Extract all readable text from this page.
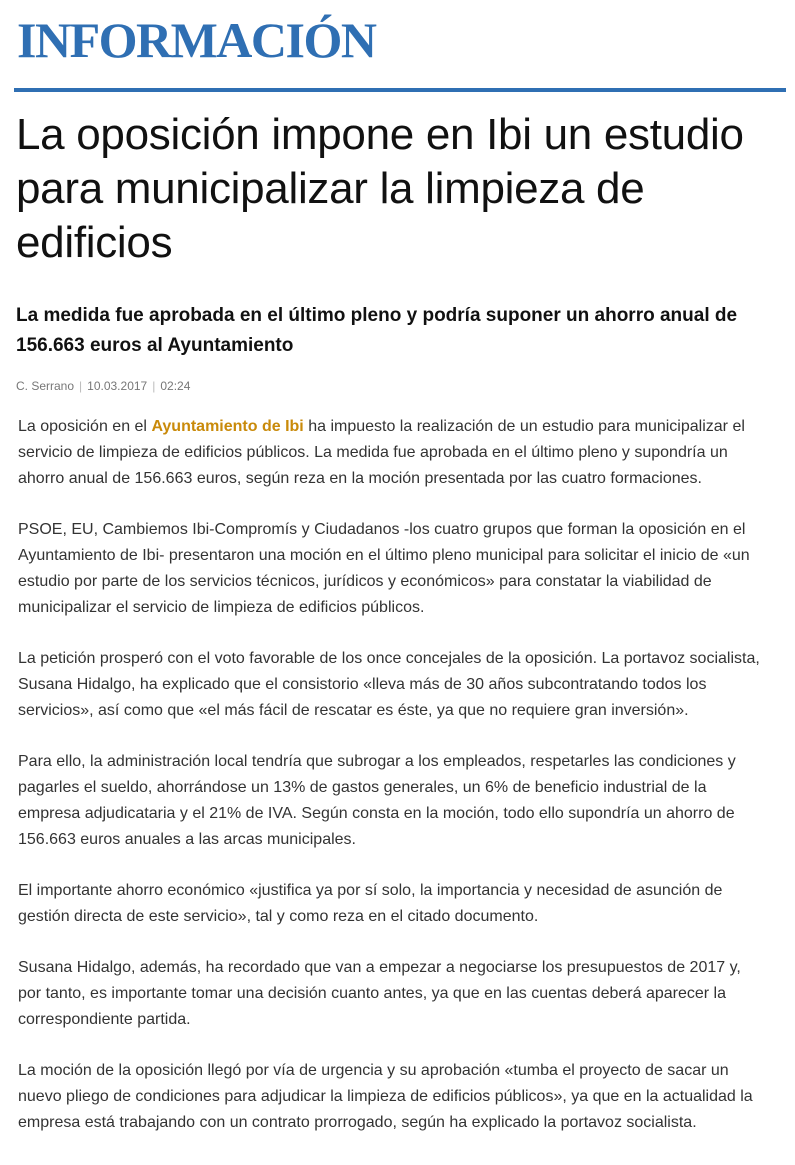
INFORMACIÓN
La oposición impone en Ibi un estudio para municipalizar la limpieza de edificios
La medida fue aprobada en el último pleno y podría suponer un ahorro anual de 156.663 euros al Ayuntamiento
C. Serrano | 10.03.2017 | 02:24

La oposición en el Ayuntamiento de Ibi ha impuesto la realización de un estudio para municipalizar el servicio de limpieza de edificios públicos. La medida fue aprobada en el último pleno y supondría un ahorro anual de 156.663 euros, según reza en la moción presentada por las cuatro formaciones.

PSOE, EU, Cambiemos Ibi-Compromís y Ciudadanos -los cuatro grupos que forman la oposición en el Ayuntamiento de Ibi- presentaron una moción en el último pleno municipal para solicitar el inicio de «un estudio por parte de los servicios técnicos, jurídicos y económicos» para constatar la viabilidad de municipalizar el servicio de limpieza de edificios públicos.

La petición prosperó con el voto favorable de los once concejales de la oposición. La portavoz socialista, Susana Hidalgo, ha explicado que el consistorio «lleva más de 30 años subcontratando todos los servicios», así como que «el más fácil de rescatar es éste, ya que no requiere gran inversión».

Para ello, la administración local tendría que subrogar a los empleados, respetarles las condiciones y pagarles el sueldo, ahorrándose un 13% de gastos generales, un 6% de beneficio industrial de la empresa adjudicataria y el 21% de IVA. Según consta en la moción, todo ello supondría un ahorro de 156.663 euros anuales a las arcas municipales.

El importante ahorro económico «justifica ya por sí solo, la importancia y necesidad de asunción de gestión directa de este servicio», tal y como reza en el citado documento.

Susana Hidalgo, además, ha recordado que van a empezar a negociarse los presupuestos de 2017 y, por tanto, es importante tomar una decisión cuanto antes, ya que en las cuentas deberá aparecer la correspondiente partida.

La moción de la oposición llegó por vía de urgencia y su aprobación «tumba el proyecto de sacar un nuevo pliego de condiciones para adjudicar la limpieza de edificios públicos», ya que en la actualidad la empresa está trabajando con un contrato prorrogado, según ha explicado la portavoz socialista.
